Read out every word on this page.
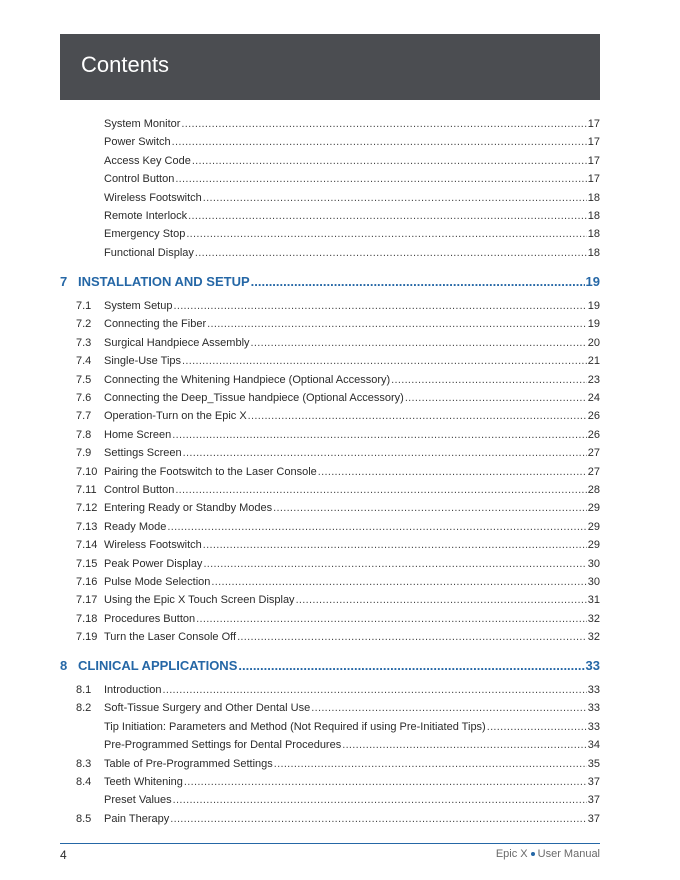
Contents
System Monitor .....	17
Power Switch .....	17
Access Key Code .....	17
Control Button .....	17
Wireless Footswitch .....	18
Remote Interlock .....	18
Emergency Stop .....	18
Functional Display .....	18
7 INSTALLATION AND SETUP .....	19
7.1 System Setup .....	19
7.2 Connecting the Fiber .....	19
7.3 Surgical Handpiece Assembly .....	20
7.4 Single-Use Tips .....	21
7.5 Connecting the Whitening Handpiece (Optional Accessory) .....	23
7.6 Connecting the Deep_Tissue handpiece (Optional Accessory) .....	24
7.7 Operation-Turn on the Epic X .....	26
7.8 Home Screen .....	26
7.9 Settings Screen .....	27
7.10 Pairing the Footswitch to the Laser Console .....	27
7.11 Control Button .....	28
7.12 Entering Ready or Standby Modes .....	29
7.13 Ready Mode .....	29
7.14 Wireless Footswitch .....	29
7.15 Peak Power Display .....	30
7.16 Pulse Mode Selection .....	30
7.17 Using the Epic X Touch Screen Display .....	31
7.18 Procedures Button .....	32
7.19 Turn the Laser Console Off .....	32
8 CLINICAL APPLICATIONS .....	33
8.1 Introduction .....	33
8.2 Soft-Tissue Surgery and Other Dental Use .....	33
Tip Initiation: Parameters and Method (Not Required if using Pre-Initiated Tips) .....	33
Pre-Programmed Settings for Dental Procedures .....	34
8.3 Table of Pre-Programmed Settings .....	35
8.4 Teeth Whitening .....	37
Preset Values .....	37
8.5 Pain Therapy .....	37
4	Epic X User Manual
